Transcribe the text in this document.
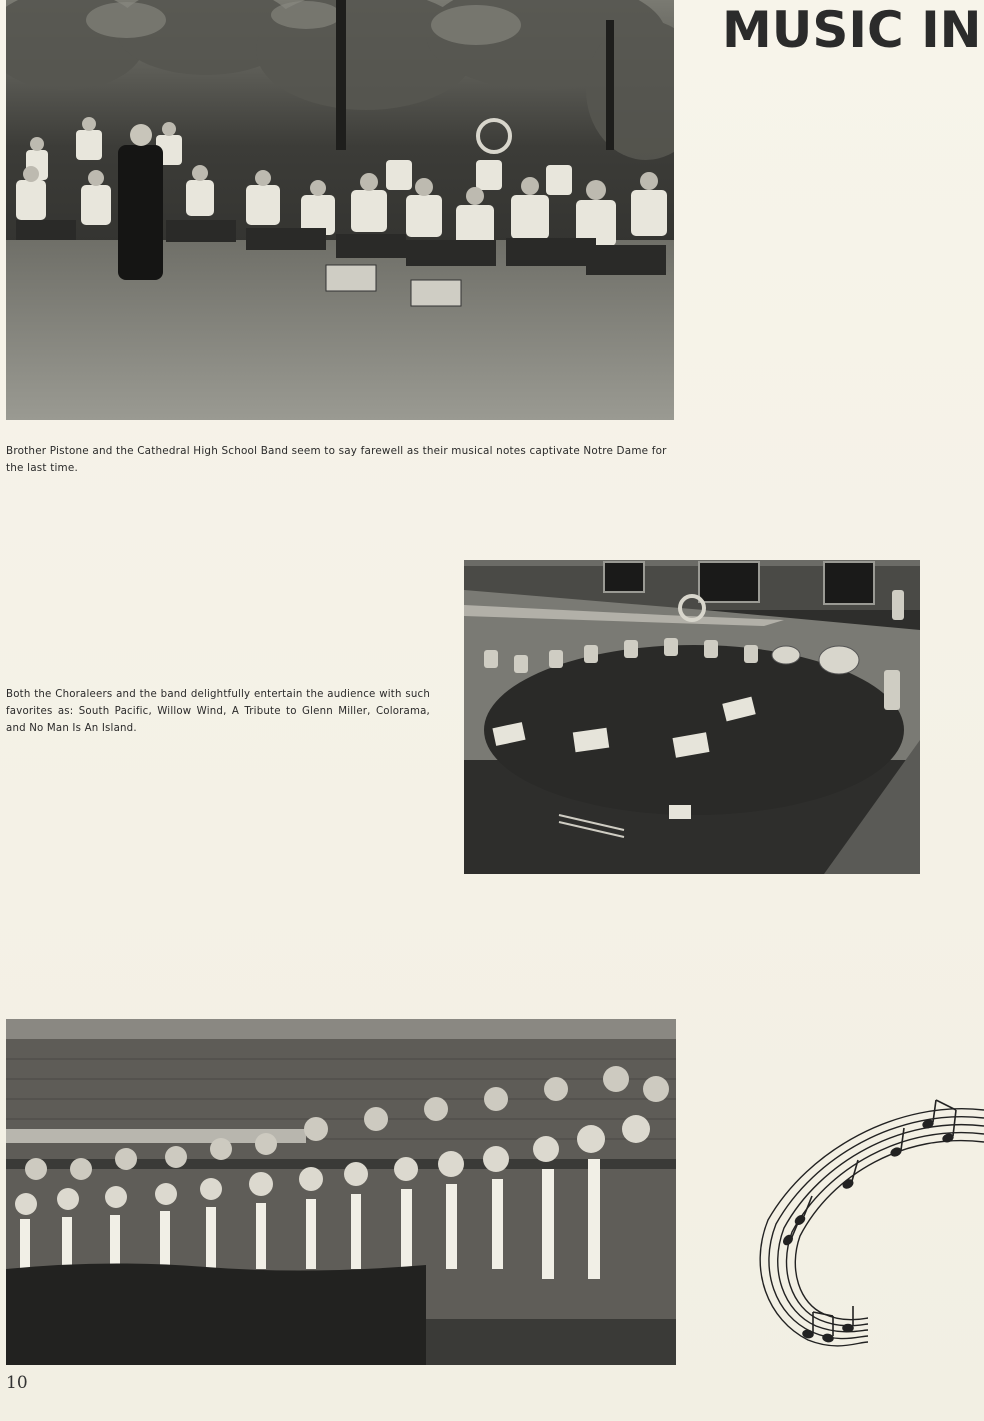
MUSIC IN
Brother Pistone and the Cathedral High School Band seem to say farewell as their musical notes captivate Notre Dame for the last time.
Both the Choraleers and the band delightfully entertain the audience with such favorites as: South Pacific, Willow Wind, A Tribute to Glenn Miller, Colorama, and No Man Is An Island.
10
